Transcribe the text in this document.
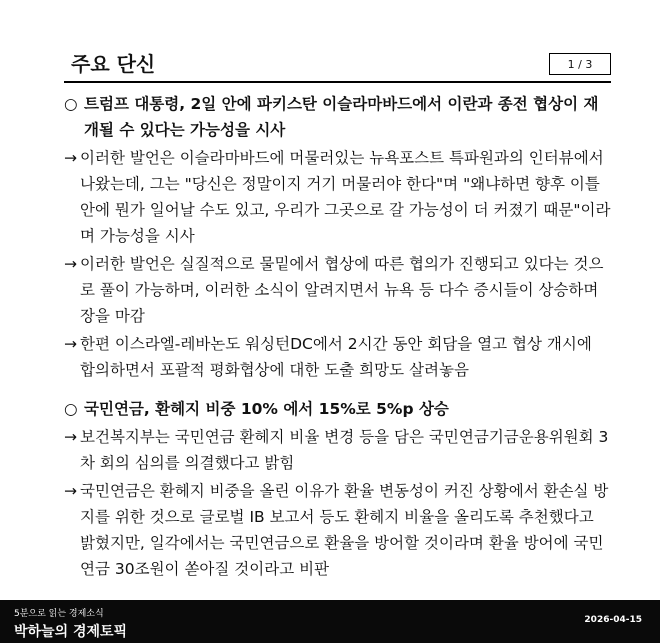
주요 단신	1 / 3
○ 트럼프 대통령, 2일 안에 파키스탄 이슬라마바드에서 이란과 종전 협상이 재개될 수 있다는 가능성을 시사
→ 이러한 발언은 이슬라마바드에 머물러있는 뉴욕포스트 특파원과의 인터뷰에서 나왔는데, 그는 "당신은 정말이지 거기 머물러야 한다"며 "왜냐하면 향후 이틀 안에 뭔가 일어날 수도 있고, 우리가 그곳으로 갈 가능성이 더 커졌기 때문"이라며 가능성을 시사
→ 이러한 발언은 실질적으로 물밑에서 협상에 따른 협의가 진행되고 있다는 것으로 풀이 가능하며, 이러한 소식이 알려지면서 뉴욕 등 다수 증시들이 상승하며 장을 마감
→ 한편 이스라엘-레바논도 워싱턴DC에서 2시간 동안 회담을 열고 협상 개시에 합의하면서 포괄적 평화협상에 대한 도출 희망도 살려놓음
○ 국민연금, 환헤지 비중 10% 에서 15%로 5%p 상승
→ 보건복지부는 국민연금 환헤지 비율 변경 등을 담은 국민연금기금운용위원회 3차 회의 심의를 의결했다고 밝힘
→ 국민연금은 환헤지 비중을 올린 이유가 환율 변동성이 커진 상황에서 환손실 방지를 위한 것으로 글로벌 IB 보고서 등도 환헤지 비율을 올리도록 추천했다고 밝혔지만, 일각에서는 국민연금으로 환율을 방어할 것이라며 환율 방어에 국민연금 30조원이 쏟아질 것이라고 비판
5분으로 읽는 경제소식
박하늘의 경제토픽
2026-04-15
